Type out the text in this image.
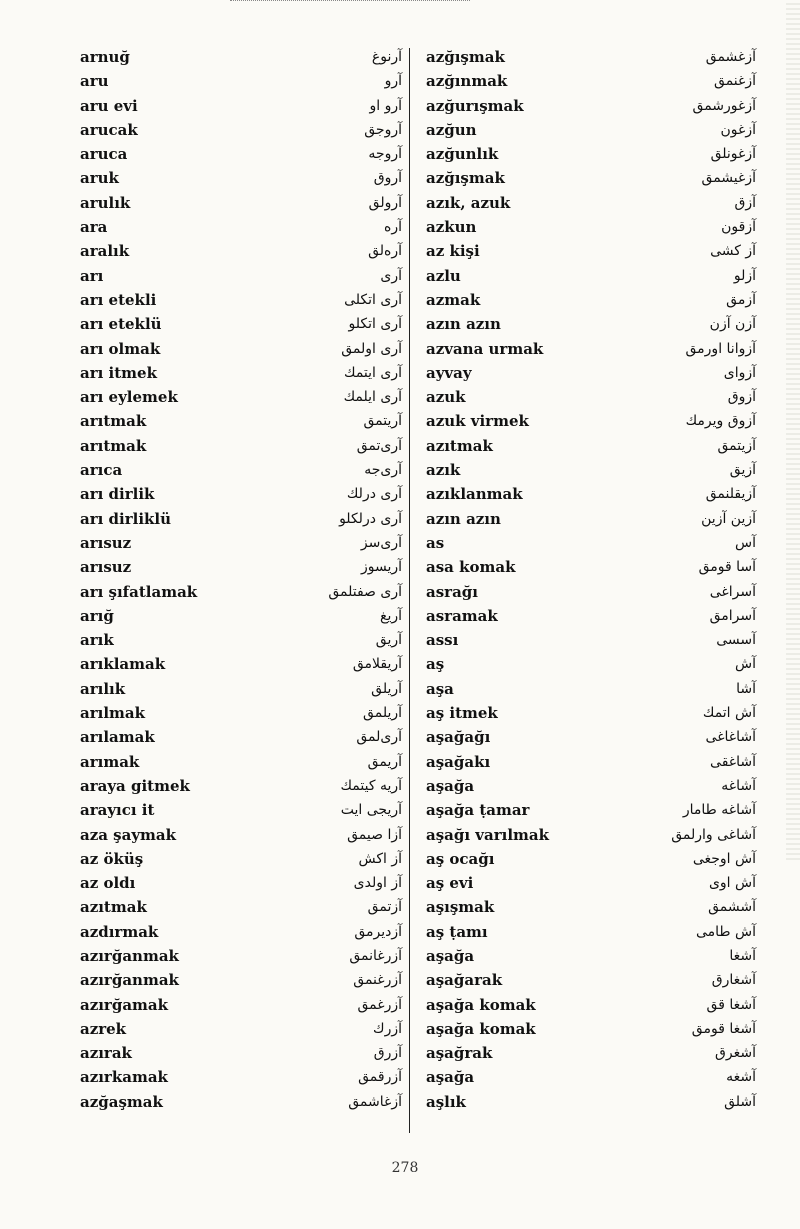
arnuğ	آرنوغ
aru	آرو
aru evi	آرو او
arucak	آروجق
aruca	آروجه
aruk	آروق
arulık	آرولق
ara	آره
aralık	آره‌لق
arı	آری
arı etekli	آری اتکلی
arı eteklü	آری اتکلو
arı olmak	آری اولمق
arı itmek	آری ایتمك
arı eylemek	آری ایلمك
arıtmak	آریتمق
arıtmak	آری‌تمق
arıca	آری‌جه
arı dirlik	آری درلك
arı dirliklü	آری درلکلو
arısuz	آری‌سز
arısuz	آریسوز
arı şıfatlamak	آری صفتلمق
arığ	آریغ
arık	آریق
arıklamak	آریقلامق
arılık	آریلق
arılmak	آریلمق
arılamak	آری‌لمق
arımak	آریمق
araya gitmek	آریه کیتمك
arayıcı it	آریجی ایت
aza şaymak	آزا صیمق
az öküş	آز اکش
az oldı	آز اولدی
azıtmak	آزتمق
azdırmak	آزدیرمق
azırğanmak	آزرغانمق
azırğanmak	آزرغنمق
azırğamak	آزرغمق
azrek	آزرك
azırak	آزرق
azırkamak	آزرقمق
azğaşmak	آزغاشمق
azğışmak	آزغشمق
azğınmak	آزغنمق
azğurışmak	آزغورشمق
azğun	آزغون
azğunlık	آزغونلق
azğışmak	آزغیشمق
azık, azuk	آزق
azkun	آزقون
az kişi	آز کشی
azlu	آزلو
azmak	آزمق
azın azın	آزن آزن
azvana urmak	آزوانا اورمق
ayvay	آزوای
azuk	آزوق
azuk virmek	آزوق ویرمك
azıtmak	آزیتمق
azık	آزیق
azıklanmak	آزیقلنمق
azın azın	آزین آزین
as	آس
asa komak	آسا قومق
asrağı	آسراغی
asramak	آسرامق
assı	آسسی
aş	آش
aşa	آشا
aş itmek	آش اتمك
aşağağı	آشاغاغی
aşağakı	آشاغقی
aşağa	آشاغه
aşağa ṭamar	آشاغه طامار
aşağı varılmak	آشاغی وارلمق
aş ocağı	آش اوجغی
aş evi	آش اوی
aşışmak	آششمق
aş ṭamı	آش طامی
aşağa	آشغا
aşağarak	آشغارق
aşağa komak	آشغا قق
aşağa komak	آشغا قومق
aşağrak	آشغرق
aşağa	آشغه
aşlık	آشلق
278
